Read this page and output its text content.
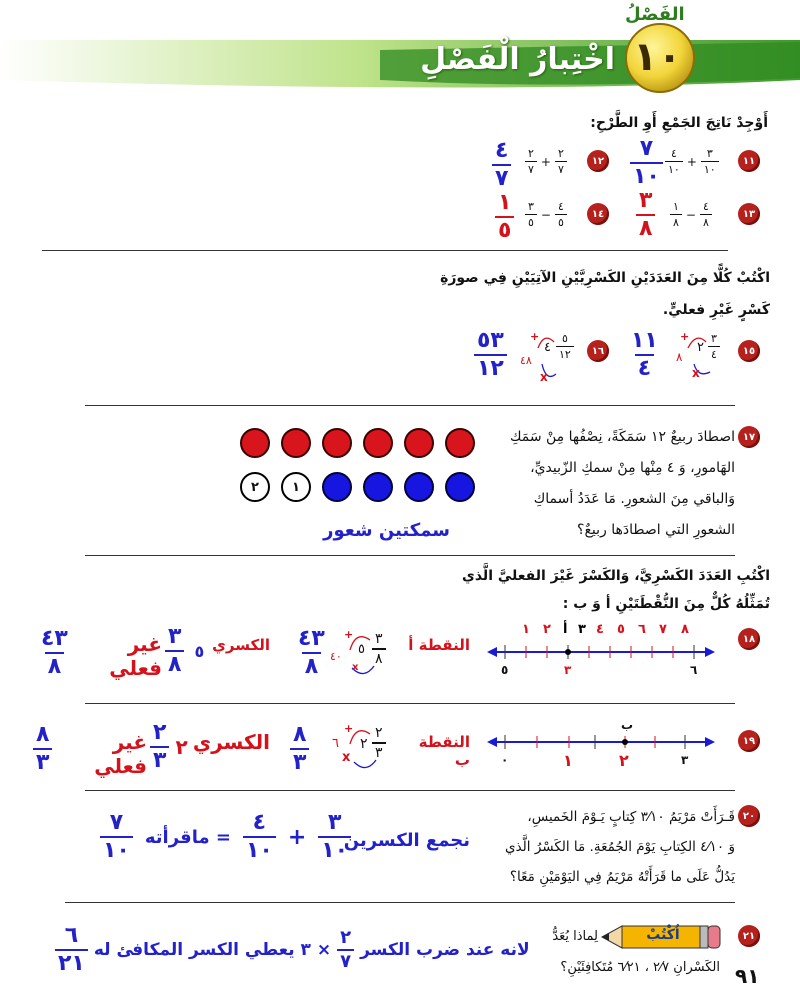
الفَصْلُ
١٠
اخْتِبارُ الْفَصْلِ
أَوْجِدْ نَاتِجَ الجَمْعِ أَوِ الطَّرْحِ:
١١
$\frac{٤}{١٠} + \frac{٣}{١٠}$
٧
١٠
١٢
$\frac{٢}{٧} + \frac{٢}{٧}$
٤
٧
١٣
$\frac{١}{٨} - \frac{٤}{٨}$
٣
٨
١٤
$\frac{٣}{٥} - \frac{٤}{٥}$
١
٥
اكْتُبْ كُلًّا مِنَ العَدَدَيْنِ الكَسْرِيَّيْنِ الآتِيَيْنِ فِي صورَةِ
كَسْرٍ غَيْرِ فعليٍّ.
١٥
+
٢
٣
٤
٨
x
١١
٤
١٦
+
٤
٥
١٢
٤٨
x
٥٣
١٢
١٧
اصطادَ ربيعٌ ١٢ سَمَكَةً، نِصْفُها مِنْ سَمَكِ
الهَامورِ، وَ ٤ مِنْها مِنْ سمكِ الزّبيديِّ،
وَالباقي مِنَ الشعورِ. مَا عَدَدُ أسماكِ
الشعورِ التي اصطادَها ربيعٌ؟
٢	١
سمكتين شعور
اكْتُبِ العَدَدَ الكَسْرِيَّ، وَالكَسْرَ غَيْرَ الفعليَّ الَّذي
تُمَثِّلُهُ كُلٌّ مِنَ النُّقْطَتَيْنِ أ وَ ب :
١٨
٨
٧
٦
٥
٤
٣
أ
٢
١
٦
٣
٥
النقطة أ
+
٥
٣
٨
٤٠
x
٤٣
٨
الكسري
$\frac{٣}{٨}$ ٥
غير فعلي
٤٣
٨
١٩
ب
٣
٢
١
٠
النقطة ب
+
٢
٢
٣
٦
x
٨
٣
الكسري
$\frac{٢}{٣}$ ٢
غير فعلي
٨
٣
٢٠
قَـرَأَتْ مَرْيَمُ ٣⁄١٠ كِتابٍ يَـوْمَ الخَميسِ،
وَ ٤⁄١٠ الكِتابِ يَوْمَ الجُمُعَةِ. مَا الكَسْرُ الَّذي
يَدُلُّ عَلَى ما قَرَأَتْهُ مَرْيَمُ فِي اليَوْمَيْنِ مَعًا؟
نجمع الكسرين
$\frac{٧}{١٠}$ = ماقرأته $\frac{٤}{١٠} + \frac{٣}{١٠}$
٢١
اُكْتُبْ
لِماذا يُعَدُّ
الكَسْرانِ ٢⁄٧ ، ٦⁄٢١ مُتَكافِئَيْنِ؟
$\frac{٦}{٢١}$ × ٣ يعطي الكسر المكافئ له $\frac{٢}{٧}$ لانه عند ضرب الكسر
٩١
